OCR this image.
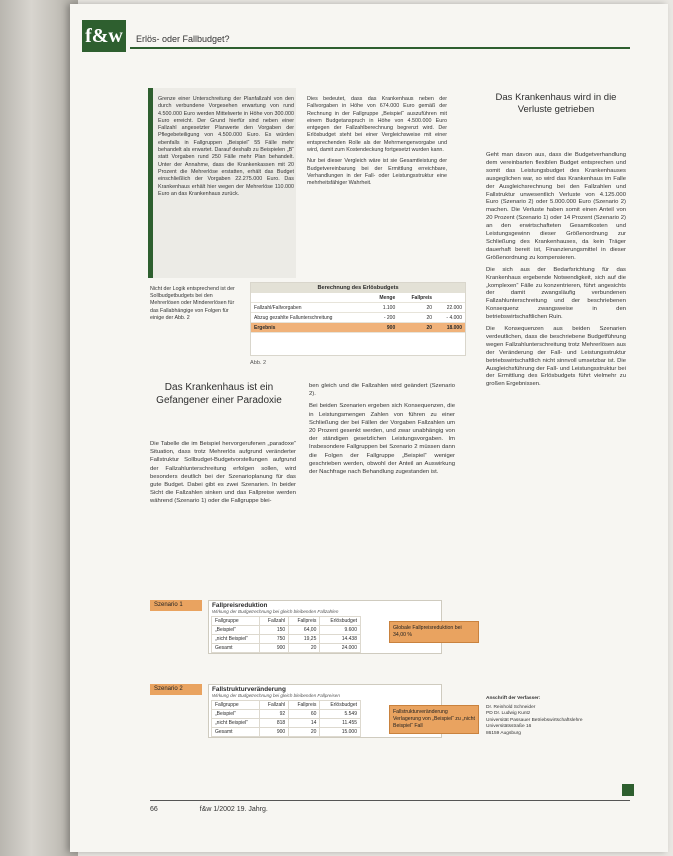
f&w	Erlös- oder Fallbudget?

Grenze einer Unterschreitung der Planfallzahl von den durch verbundene Vorgesehen erwartung von rund 4.500.000 Euro werden Mittelwerte in Höhe von 300.000 Euro erreicht. Der Grund hierfür sind neben einer Fallzahl angesetzter Planwerte den Vorgaben der Pflegebeteiligung von 4.500.000 Euro. Es würden ebenfalls in Fallgruppen „Beispiel“ 55 Fälle mehr behandelt als erwartet. Darauf deshalb zu Beispielen „B“ statt Vorgaben rund 250 Fälle mehr Plan behandelt. Unter der Annahme, dass die Krankenkassen mit 20 Prozent die Mehrerlöse erstatten, erhält das Budget einschließlich der Vorgaben 22.275.000 Euro. Das Krankenhaus erhält hier wegen der Mehrerlöse 110.000 Euro an das Krankenhaus zurück.

Dies bedeutet, dass das Krankenhaus neben der Fallvorgaben in Höhe von 674.000 Euro gemäß der Rechnung in der Fallgruppe „Beispiel“ auszuführen mit einem Budgetanspruch in Höhe von 4.500.000 Euro entgegen der Fallzahlberechnung begrenzt wird. Der Erlösbudget steht bei einer Vergleichsweise mit einer entsprechenden Rolle als der Mehrmengenvorgabe und wird, damit zum Kostendeckung fortgesetzt wurden kann.

Nur bei dieser Vergleich wäre ist sie Gesamtleistung der Budgetvereinbarung bei der Ermittlung erreichbare, Verhandlungen in der Fall- oder Leistungsstruktur eine mehrheitsfähiger Wahrheit.

Nicht der Logik entsprechend ist der Sollbudgetbudgets bei den Mehrerlösen oder Mindererlösen für das Fallabhängige von Folgen für einige der Abb. 2
Berechnung des Erlösbudgets
	Menge	Fallpreis	
Fallzahl/Fallvorgaben	1.100	20	22.000
Abzug gezahlte Fallunterschreitung	- 200	20	- 4.000
Ergebnis	900	20	18.000
Abb. 2
Das Krankenhaus wird in die Verluste getrieben

Geht man davon aus, dass die Budgetverhandlung dem vereinbarten flexiblen Budget entsprechen und somit das Leistungsbudget des Krankenhauses ausgeglichen war, so wird das Krankenhaus im Falle der Ausgleichsrechnung bei den Fallzahlen und Fallstruktur unwesentlich Verluste von 4.125.000 Euro (Szenario 2) oder 5.000.000 Euro (Szenario 2) machen. Die Verluste haben somit einen Anteil von 20 Prozent (Szenario 1) oder 14 Prozent (Szenario 2) an den erwirtschafteten Gesamtkosten und Leistungsgewinn dieser Größenordnung zur Schließung des Krankenhauses, da kein Träger dauerhaft bereit ist, Finanzierungsmittel in dieser Größenordnung zu kompensieren.

Die sich aus der Bedarfsrichtung für das Krankenhaus ergebende Notwendigkeit, sich auf die „komplexen“ Fälle zu konzentrieren, führt angesichts der damit zwangsläufig verbundenen Fallzahlunterschreitung und der beschriebenen Konsequenz zwangsweise in den betriebswirtschaftlichen Ruin.

Die Konsequenzen aus beiden Szenarien verdeutlichen, dass die beschriebene Budgetführung wegen Fallzahlunterschreitung trotz Mehrerlösen aus der Veränderung der Fall- und Leistungsstruktur betriebswirtschaftlich nicht sinnvoll umsetzbar ist. Die Ausgleichsführung der Fall- und Leistungsstruktur bei der Ermittlung des Erlösbudgets führt vielmehr zu großen Ergebnissen.

Das Krankenhaus ist ein Gefangener einer Paradoxie

Die Tabelle die im Beispiel hervorgerufenen „paradoxe“ Situation, dass trotz Mehrerlös aufgrund veränderter Fallstruktur Sollbudget-Budgetvorstellungen aufgrund der Fallzahlunterschreitung erfolgen sollen, wird besonders deutlich bei der Szenarioplanung für das gute Budget. Dabei gibt es zwei Szenarien. In beider Sicht die Fallzahlen sinken und das Fallpreise werden während (Szenario 1) oder die Fallgruppe blei-

ben gleich und die Fallzahlen wird geändert (Szenario 2).

Bei beiden Szenarien ergeben sich Konsequenzen, die in Leistungsmengen Zahlen von führen zu einer Schließung der bei Fällen der Vorgaben Fallzahlen um 20 Prozent gesenkt werden, und zwar unabhängig von der ständigen gesetzlichen Leistungsvorgaben. Im Insbesondere Fallgruppen bei Szenario 2 müssen dann die Folgen der Fallgruppe „Beispiel“ weniger geschrieben werden, obwohl der Anteil an Auswirkung der Nachfrage nach Behandlung zugestanden ist.

Szenario 1	Fallpreisreduktion
Wirkung der Budgetrechnung bei gleich bleibenden Fallzahlen
Fallgruppe	Fallzahl	Fallpreis	Erlösbudget
„Beispiel“	150	64,00	9.600
„nicht Beispiel“	750	19,25	14.438
Gesamt	900	20	24.000
Globale Fallpreisreduktion bei 34,00 %
Szenario 2	Fallstrukturveränderung
Wirkung der Budgetrechnung bei gleich bleibenden Fallpreisen
Fallgruppe	Fallzahl	Fallpreis	Erlösbudget
„Beispiel“	92	60	5.549
„nicht Beispiel“	818	14	11.455
Gesamt	900	20	15.000
Fallstrukturveränderung Verlagerung von „Beispiel“ zu „nicht Beispiel“ Fall
Anschrift der Verfasser:
Dr. Reinhold Schneider
PD Dr. Ludwig Kuntz
Universität Passauer Betriebswirtschaftslehre
Universitätsstraße 16
86159 Augsburg
66	f&w 1/2002 19. Jahrg.
